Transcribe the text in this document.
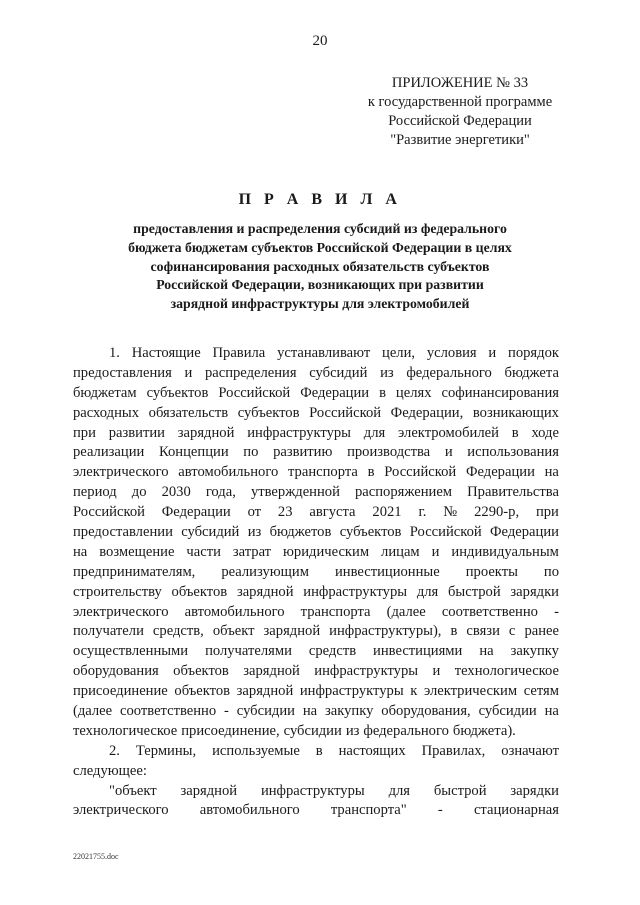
20
ПРИЛОЖЕНИЕ № 33
к государственной программе
Российской Федерации
"Развитие энергетики"
П Р А В И Л А
предоставления и распределения субсидий из федерального
бюджета бюджетам субъектов Российской Федерации в целях
софинансирования расходных обязательств субъектов
Российской Федерации, возникающих при развитии
зарядной инфраструктуры для электромобилей
1. Настоящие Правила устанавливают цели, условия и порядок
предоставления и распределения субсидий из федерального бюджета
бюджетам субъектов Российской Федерации в целях софинансирования
расходных обязательств субъектов Российской Федерации, возникающих
при развитии зарядной инфраструктуры для электромобилей в ходе
реализации Концепции по развитию производства и использования
электрического автомобильного транспорта в Российской Федерации на
период до 2030 года, утвержденной распоряжением Правительства
Российской Федерации от 23 августа 2021 г. № 2290-р, при
предоставлении субсидий из бюджетов субъектов Российской Федерации
на возмещение части затрат юридическим лицам и индивидуальным
предпринимателям, реализующим инвестиционные проекты по
строительству объектов зарядной инфраструктуры для быстрой зарядки
электрического автомобильного транспорта (далее соответственно -
получатели средств, объект зарядной инфраструктуры), в связи с ранее
осуществленными получателями средств инвестициями на закупку
оборудования объектов зарядной инфраструктуры и технологическое
присоединение объектов зарядной инфраструктуры к электрическим сетям
(далее соответственно - субсидии на закупку оборудования, субсидии на
технологическое присоединение, субсидии из федерального бюджета).
2. Термины, используемые в настоящих Правилах, означают
следующее:
"объект зарядной инфраструктуры для быстрой зарядки
электрического автомобильного транспорта" - стационарная
22021755.doc
